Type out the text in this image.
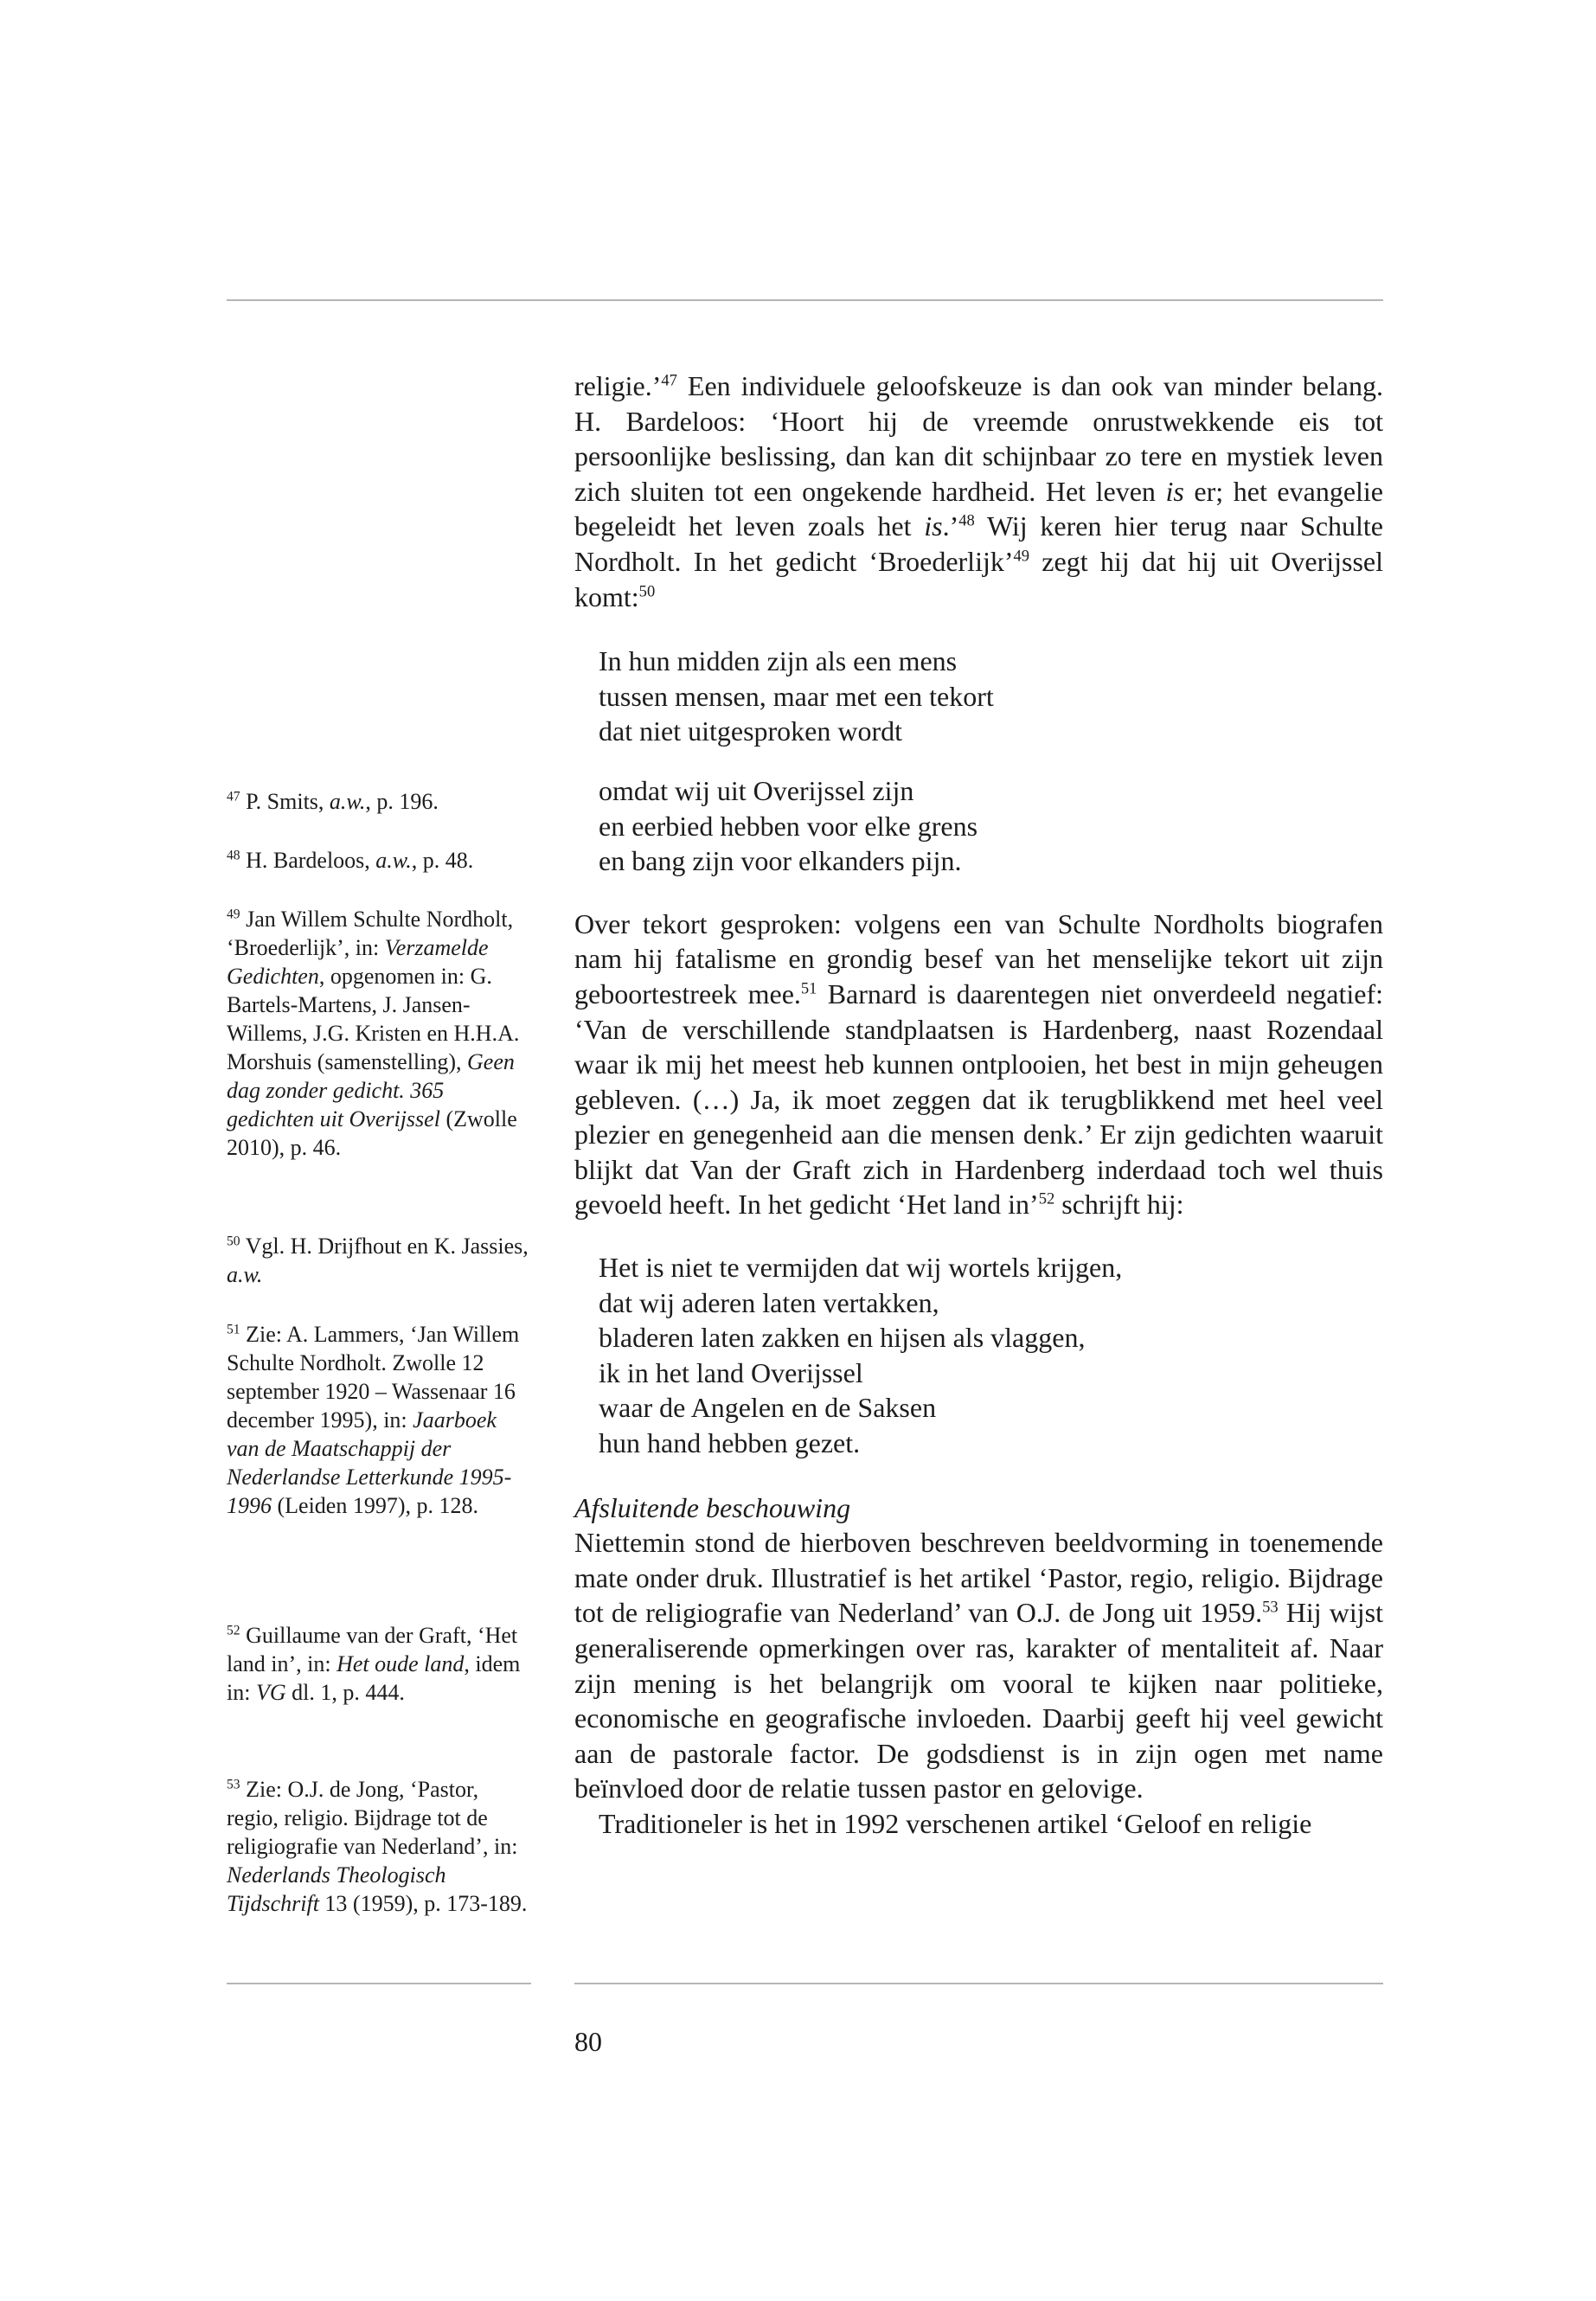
religie.’$^{47}$ Een individuele geloofskeuze is dan ook van minder belang. H. Bardeloos: ‘Hoort hij de vreemde onrustwekkende eis tot persoonlijke beslissing, dan kan dit schijnbaar zo tere en mystiek leven zich sluiten tot een ongekende hardheid. Het leven is er; het evangelie begeleidt het leven zoals het is.’$^{48}$ Wij keren hier terug naar Schulte Nordholt. In het gedicht ‘Broederlijk’$^{49}$ zegt hij dat hij uit Overijssel komt:$^{50}$

In hun midden zijn als een mens
tussen mensen, maar met een tekort
dat niet uitgesproken wordt
omdat wij uit Overijssel zijn
en eerbied hebben voor elke grens
en bang zijn voor elkanders pijn.

Over tekort gesproken: volgens een van Schulte Nordholts biografen nam hij fatalisme en grondig besef van het menselijke tekort uit zijn geboortestreek mee.$^{51}$ Barnard is daarentegen niet onverdeeld negatief: ‘Van de verschillende standplaatsen is Hardenberg, naast Rozendaal waar ik mij het meest heb kunnen ontplooien, het best in mijn geheugen gebleven. (…) Ja, ik moet zeggen dat ik terugblikkend met heel veel plezier en genegenheid aan die mensen denk.’ Er zijn gedichten waaruit blijkt dat Van der Graft zich in Hardenberg inderdaad toch wel thuis gevoeld heeft. In het gedicht ‘Het land in’$^{52}$ schrijft hij:

Het is niet te vermijden dat wij wortels krijgen,
dat wij aderen laten vertakken,
bladeren laten zakken en hijsen als vlaggen,
ik in het land Overijssel
waar de Angelen en de Saksen
hun hand hebben gezet.

Afsluitende beschouwing

Niettemin stond de hierboven beschreven beeldvorming in toenemende mate onder druk. Illustratief is het artikel ‘Pastor, regio, religio. Bijdrage tot de religiografie van Nederland’ van O.J. de Jong uit 1959.53 Hij wijst generaliserende opmerkingen over ras, karakter of mentaliteit af. Naar zijn mening is het belangrijk om vooral te kijken naar politieke, economische en geografische invloeden. Daarbij geeft hij veel gewicht aan de pastorale factor. De godsdienst is in zijn ogen met name beïnvloed door de relatie tussen pastor en gelovige.

Traditioneler is het in 1992 verschenen artikel ‘Geloof en religie

$^{47}$ P. Smits, a.w., p. 196.

$^{48}$ H. Bardeloos, a.w., p. 48.

$^{49}$ Jan Willem Schulte Nordholt, ‘Broederlijk’, in: Verzamelde Gedichten, opgenomen in: G. Bartels-Martens, J. Jansen-Willems, J.G. Kristen en H.H.A. Morshuis (samenstelling), Geen dag zonder gedicht. 365 gedichten uit Overijssel (Zwolle 2010), p. 46.

$^{50}$ Vgl. H. Drijfhout en K. Jassies, a.w.

$^{51}$ Zie: A. Lammers, ‘Jan Willem Schulte Nordholt. Zwolle 12 september 1920 – Wassenaar 16 december 1995), in: Jaarboek van de Maatschappij der Nederlandse Letterkunde 1995-1996 (Leiden 1997), p. 128.

$^{52}$ Guillaume van der Graft, ‘Het land in’, in: Het oude land, idem in: VG dl. 1, p. 444.

$^{53}$ Zie: O.J. de Jong, ‘Pastor, regio, religio. Bijdrage tot de religiografie van Nederland’, in: Nederlands Theologisch Tijdschrift 13 (1959), p. 173-189.

80
